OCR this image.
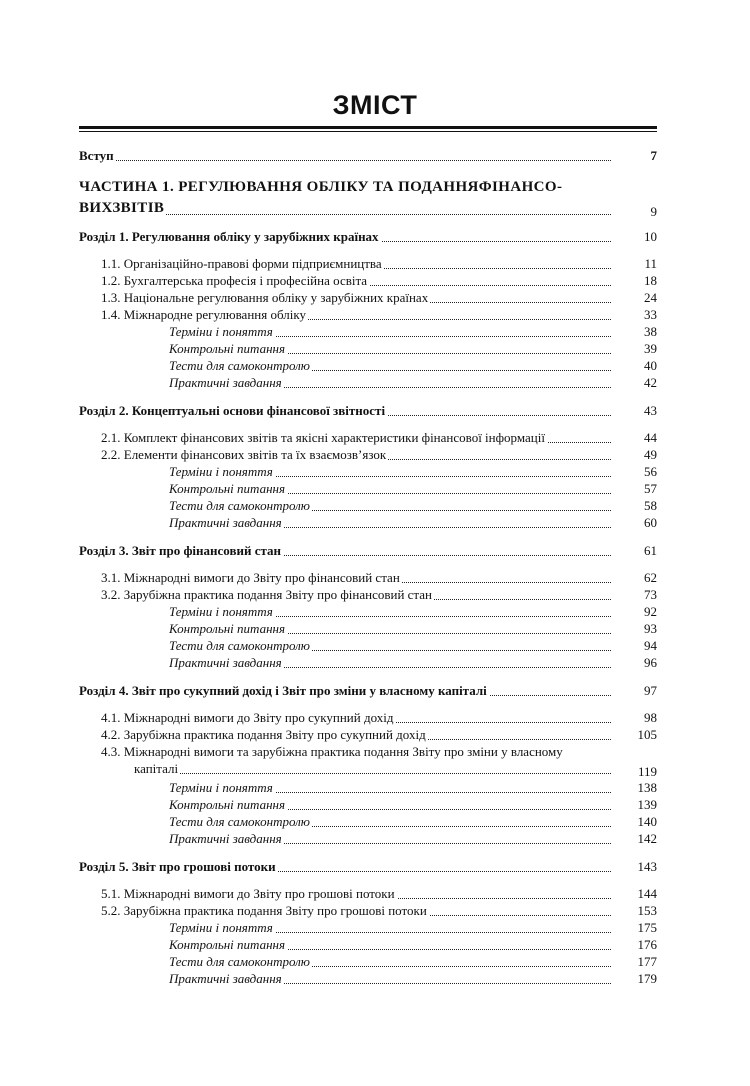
ЗМІСТ
Вступ	7
ЧАСТИНА 1. РЕГУЛЮВАННЯ ОБЛІКУ ТА ПОДАННЯФІНАНСО-
ВИХЗВІТІВ	9
Розділ 1. Регулювання обліку у зарубіжних країнах	10
1.1. Організаційно-правові форми підприємництва	11
1.2. Бухгалтерська професія і професійна освіта	18
1.3. Національне регулювання обліку у зарубіжних країнах	24
1.4. Міжнародне регулювання обліку	33
Терміни і поняття	38
Контрольні питання	39
Тести для самоконтролю	40
Практичні завдання	42
Розділ 2. Концептуальні основи фінансової звітності	43
2.1. Комплект фінансових звітів та якісні характеристики фінансової інформації	44
2.2. Елементи фінансових звітів та їх взаємозв’язок	49
Терміни і поняття	56
Контрольні питання	57
Тести для самоконтролю	58
Практичні завдання	60
Розділ 3. Звіт про фінансовий стан	61
3.1. Міжнародні вимоги до Звіту про фінансовий стан	62
3.2. Зарубіжна практика подання Звіту про фінансовий стан	73
Терміни і поняття	92
Контрольні питання	93
Тести для самоконтролю	94
Практичні завдання	96
Розділ 4. Звіт про сукупний дохід і Звіт про зміни у власному капіталі	97
4.1. Міжнародні вимоги до Звіту про сукупний дохід	98
4.2. Зарубіжна практика подання Звіту про сукупний дохід	105
4.3. Міжнародні вимоги та зарубіжна практика подання Звіту про зміни у власному
капіталі	119
Терміни і поняття	138
Контрольні питання	139
Тести для самоконтролю	140
Практичні завдання	142
Розділ 5. Звіт про грошові потоки	143
5.1. Міжнародні вимоги до Звіту про грошові потоки	144
5.2. Зарубіжна практика подання Звіту про грошові потоки	153
Терміни і поняття	175
Контрольні питання	176
Тести для самоконтролю	177
Практичні завдання	179
